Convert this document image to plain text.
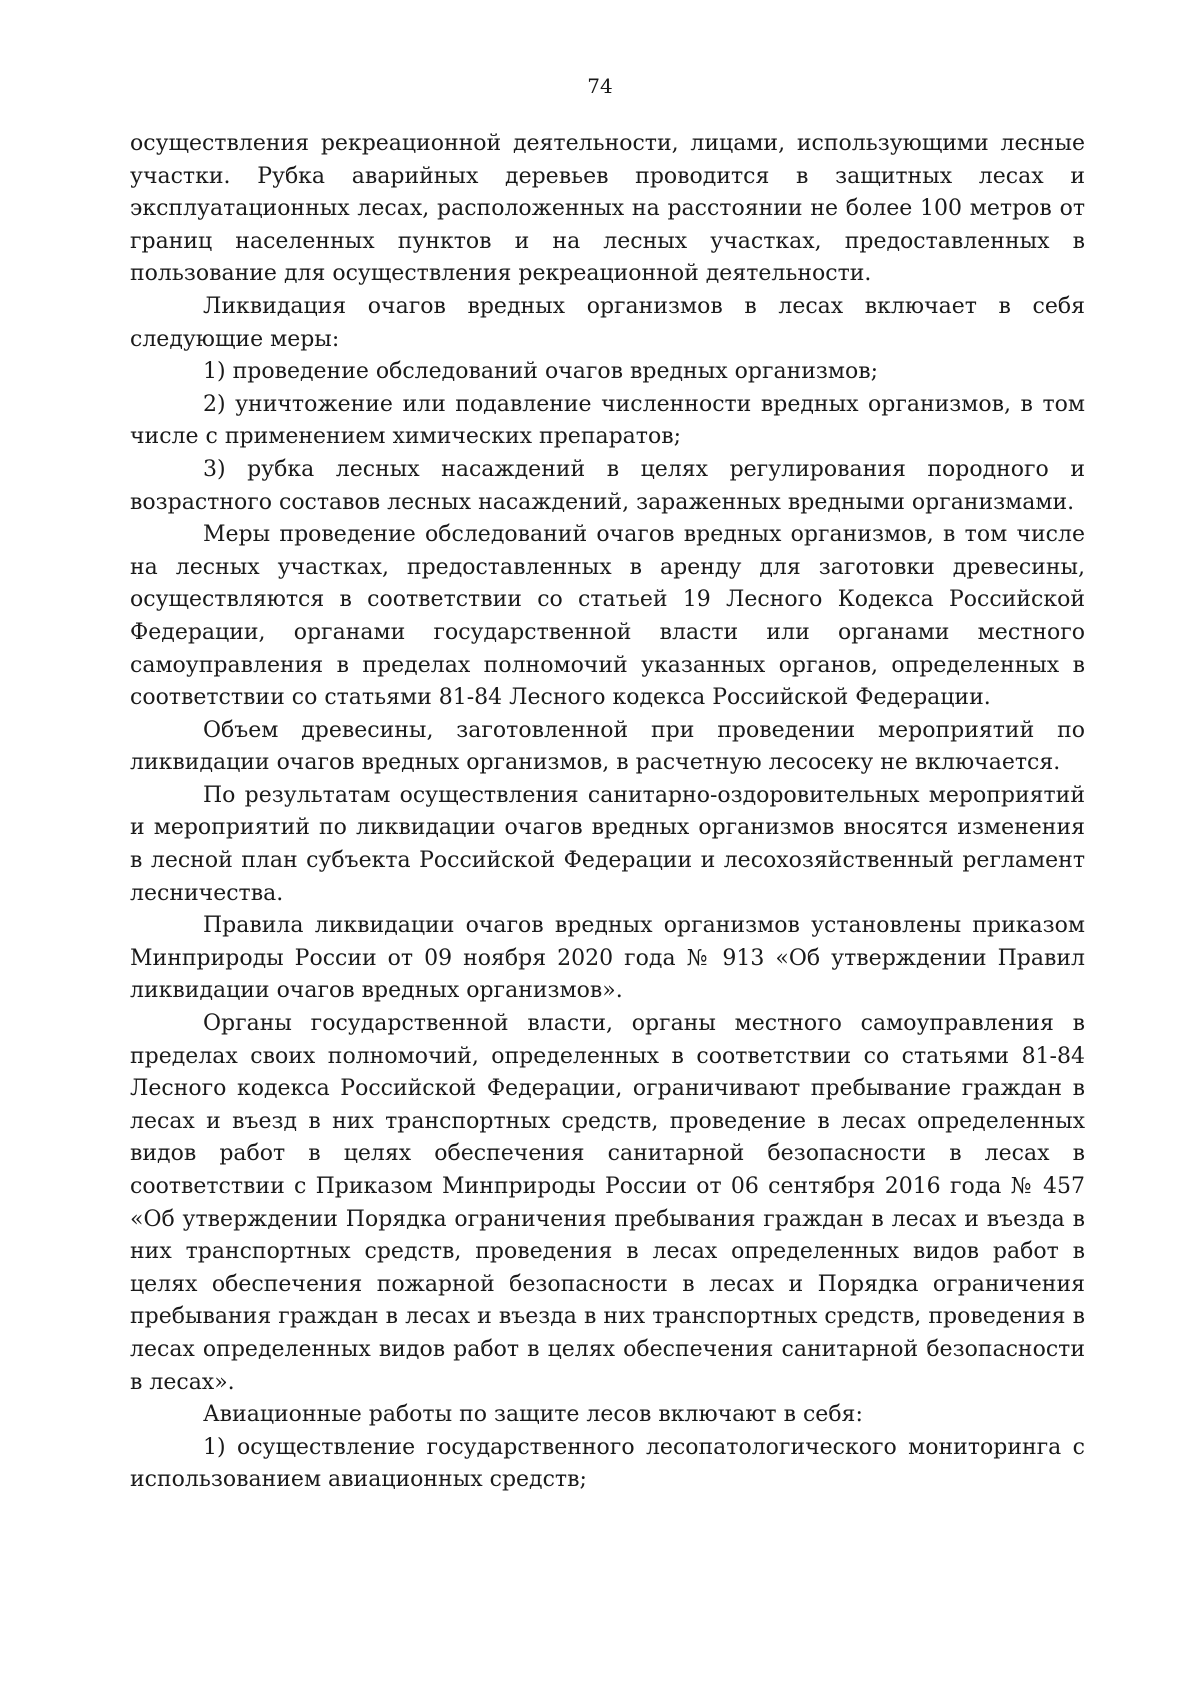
74

осуществления рекреационной деятельности, лицами, использующими лесные участки. Рубка аварийных деревьев проводится в защитных лесах и эксплуатационных лесах, расположенных на расстоянии не более 100 метров от границ населенных пунктов и на лесных участках, предоставленных в пользование для осуществления рекреационной деятельности.

Ликвидация очагов вредных организмов в лесах включает в себя следующие меры:

1) проведение обследований очагов вредных организмов;

2) уничтожение или подавление численности вредных организмов, в том числе с применением химических препаратов;

3) рубка лесных насаждений в целях регулирования породного и возрастного составов лесных насаждений, зараженных вредными организмами.

Меры проведение обследований очагов вредных организмов, в том числе на лесных участках, предоставленных в аренду для заготовки древесины, осуществляются в соответствии со статьей 19 Лесного Кодекса Российской Федерации, органами государственной власти или органами местного самоуправления в пределах полномочий указанных органов, определенных в соответствии со статьями 81-84 Лесного кодекса Российской Федерации.

Объем древесины, заготовленной при проведении мероприятий по ликвидации очагов вредных организмов, в расчетную лесосеку не включается.

По результатам осуществления санитарно-оздоровительных мероприятий и мероприятий по ликвидации очагов вредных организмов вносятся изменения в лесной план субъекта Российской Федерации и лесохозяйственный регламент лесничества.

Правила ликвидации очагов вредных организмов установлены приказом Минприроды России от 09 ноября 2020 года № 913 «Об утверждении Правил ликвидации очагов вредных организмов».

Органы государственной власти, органы местного самоуправления в пределах своих полномочий, определенных в соответствии со статьями 81-84 Лесного кодекса Российской Федерации, ограничивают пребывание граждан в лесах и въезд в них транспортных средств, проведение в лесах определенных видов работ в целях обеспечения санитарной безопасности в лесах в соответствии с Приказом Минприроды России от 06 сентября 2016 года № 457 «Об утверждении Порядка ограничения пребывания граждан в лесах и въезда в них транспортных средств, проведения в лесах определенных видов работ в целях обеспечения пожарной безопасности в лесах и Порядка ограничения пребывания граждан в лесах и въезда в них транспортных средств, проведения в лесах определенных видов работ в целях обеспечения санитарной безопасности в лесах».

Авиационные работы по защите лесов включают в себя:

1) осуществление государственного лесопатологического мониторинга с использованием авиационных средств;
